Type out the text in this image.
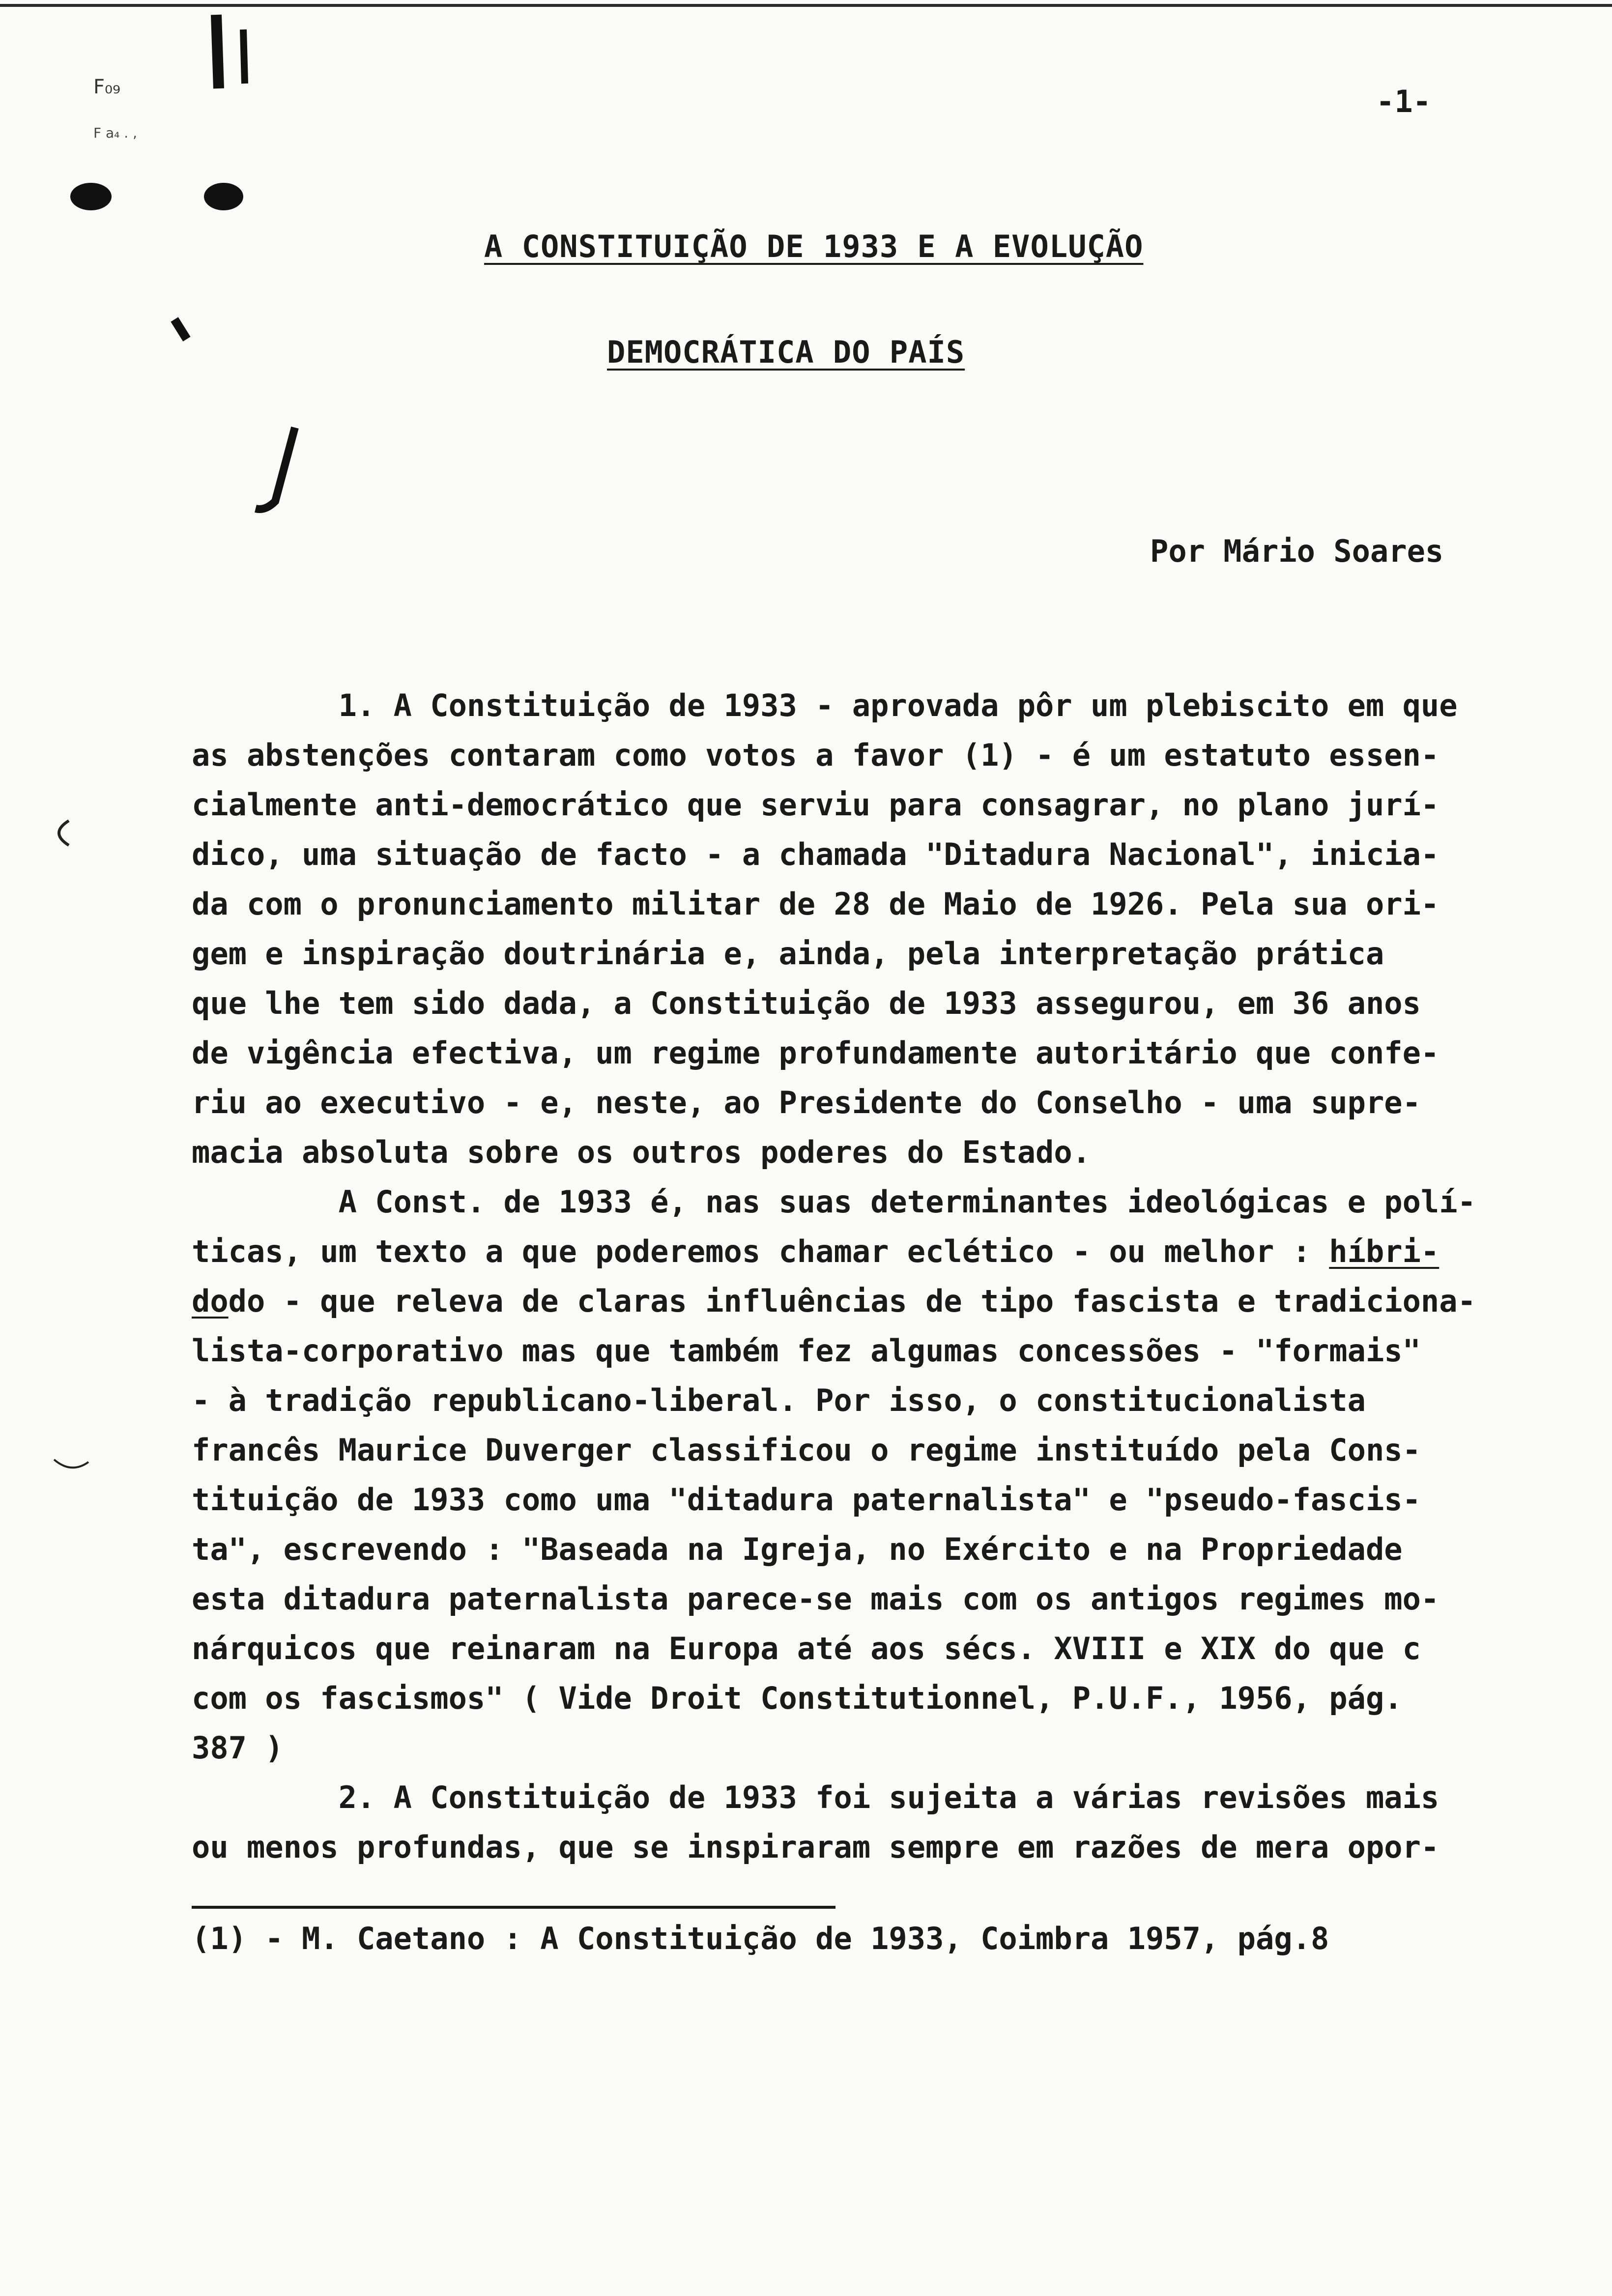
F₀₉
F a₄ . ,
-1-
A CONSTITUIÇÃO DE 1933 E A EVOLUÇÃO
DEMOCRÁTICA DO PAÍS
Por Mário Soares
1. A Constituição de 1933 - aprovada pôr um plebiscito em que
as abstenções contaram como votos a favor (1) - é um estatuto essen-
cialmente anti-democrático que serviu para consagrar, no plano jurí-
dico, uma situação de facto - a chamada "Ditadura Nacional", inicia-
da com o pronunciamento militar de 28 de Maio de 1926. Pela sua ori-
gem e inspiração doutrinária e, ainda, pela interpretação prática
que lhe tem sido dada, a Constituição de 1933 assegurou, em 36 anos
de vigência efectiva, um regime profundamente autoritário que confe-
riu ao executivo - e, neste, ao Presidente do Conselho - uma supre-
macia absoluta sobre os outros poderes do Estado.
A Const. de 1933 é, nas suas determinantes ideológicas e polí-
ticas, um texto a que poderemos chamar eclético - ou melhor : híbri-
dodo - que releva de claras influências de tipo fascista e tradiciona-
lista-corporativo mas que também fez algumas concessões - "formais"
- à tradição republicano-liberal. Por isso, o constitucionalista
francês Maurice Duverger classificou o regime instituído pela Cons-
tituição de 1933 como uma "ditadura paternalista" e "pseudo-fascis-
ta", escrevendo : "Baseada na Igreja, no Exército e na Propriedade
esta ditadura paternalista parece-se mais com os antigos regimes mo-
nárquicos que reinaram na Europa até aos sécs. XVIII e XIX do que c
com os fascismos" ( Vide Droit Constitutionnel, P.U.F., 1956, pág.
387 )
2. A Constituição de 1933 foi sujeita a várias revisões mais
ou menos profundas, que se inspiraram sempre em razões de mera opor-
(1) - M. Caetano : A Constituição de 1933, Coimbra 1957, pág.8
